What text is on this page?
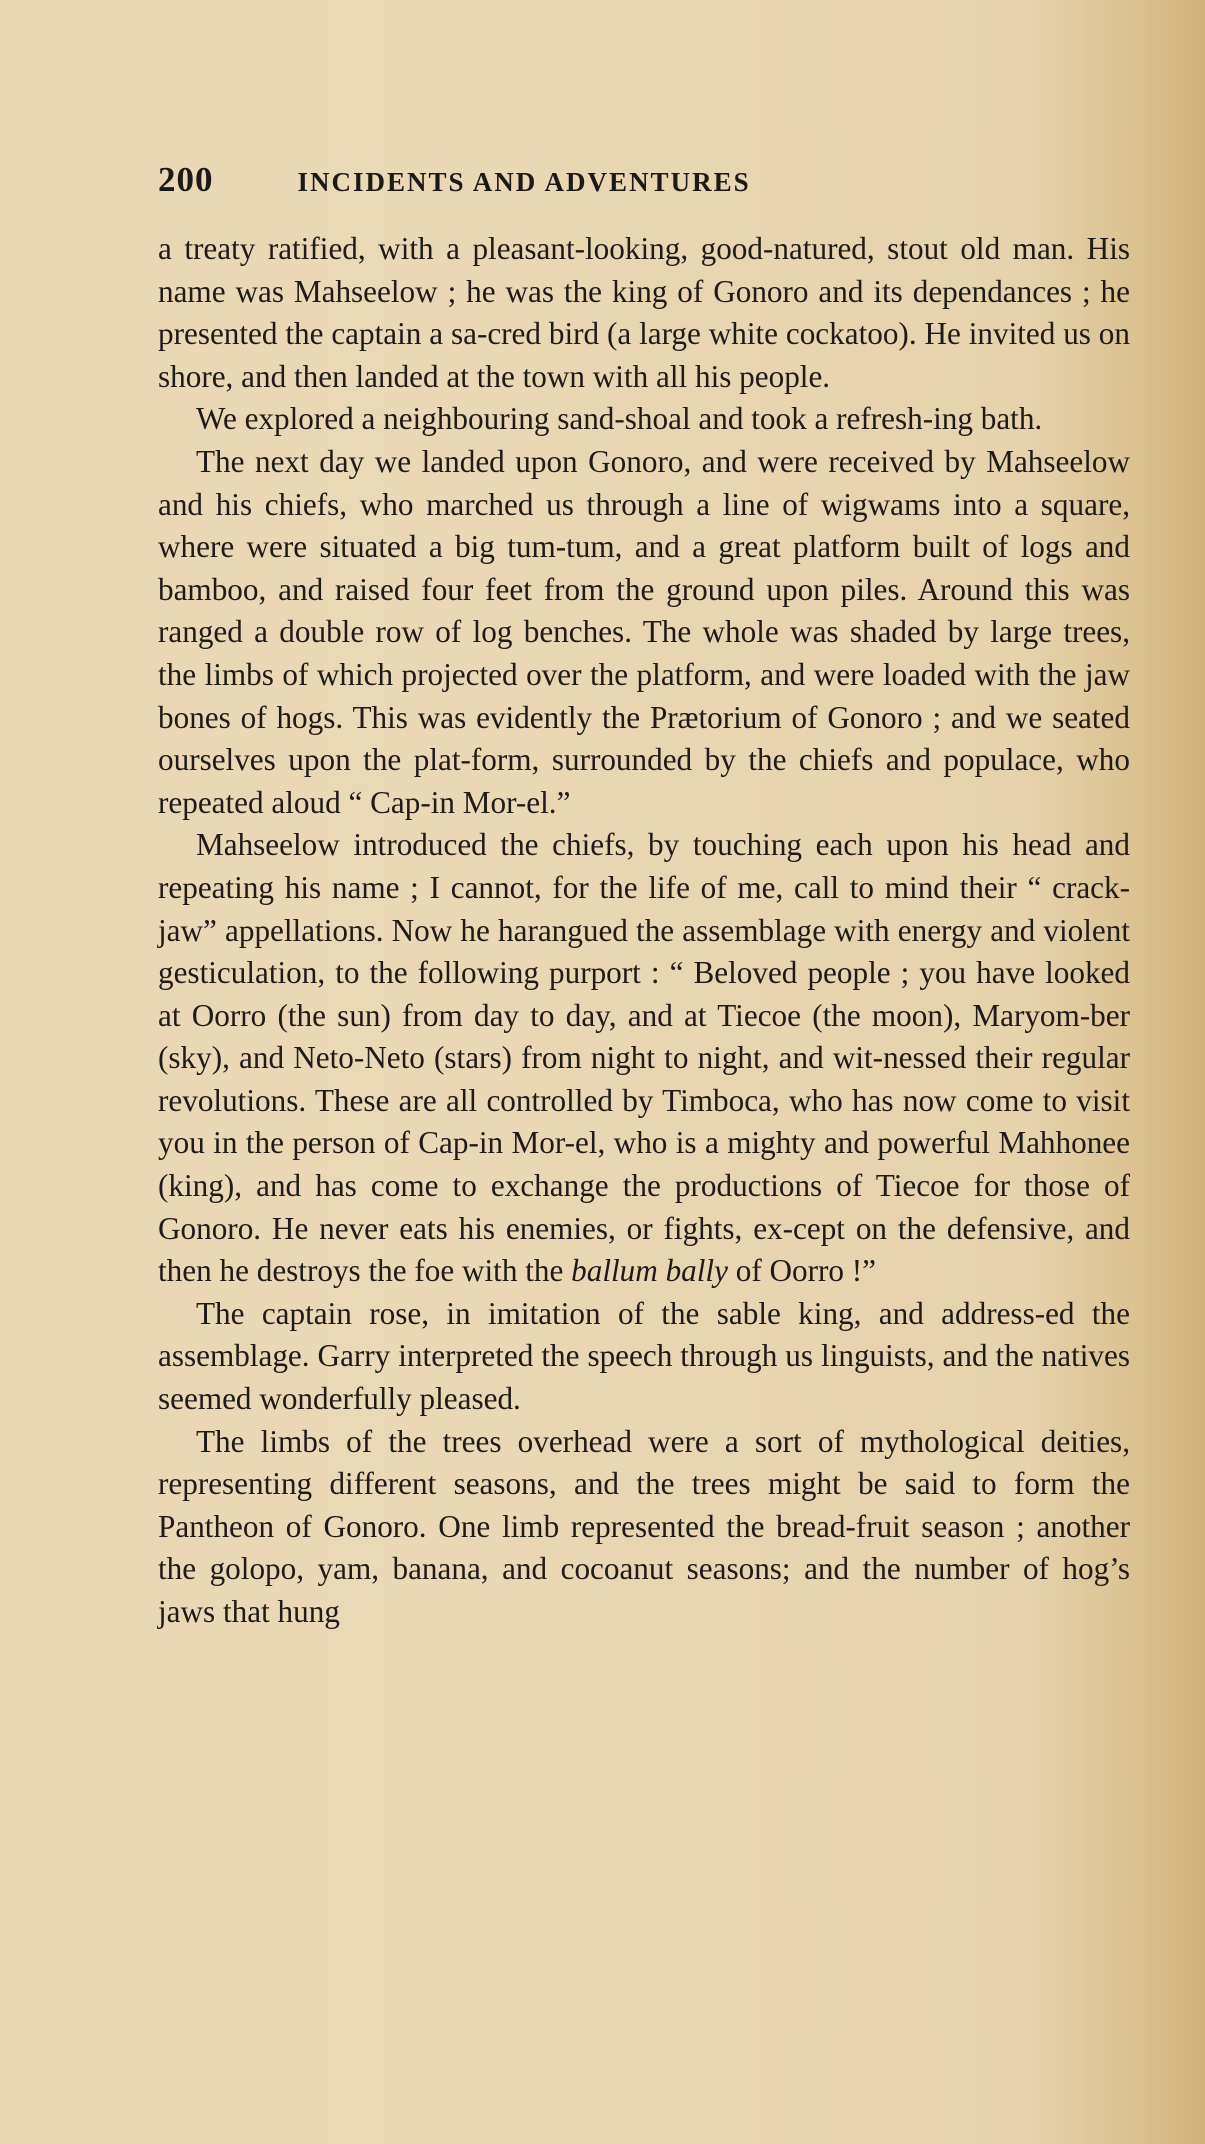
200	INCIDENTS AND ADVENTURES

a treaty ratified, with a pleasant-looking, good-natured, stout old man. His name was Mahseelow ; he was the king of Gonoro and its dependances ; he presented the captain a sa-cred bird (a large white cockatoo). He invited us on shore, and then landed at the town with all his people.

We explored a neighbouring sand-shoal and took a refresh-ing bath.

The next day we landed upon Gonoro, and were received by Mahseelow and his chiefs, who marched us through a line of wigwams into a square, where were situated a big tum-tum, and a great platform built of logs and bamboo, and raised four feet from the ground upon piles. Around this was ranged a double row of log benches. The whole was shaded by large trees, the limbs of which projected over the platform, and were loaded with the jaw bones of hogs. This was evidently the Prætorium of Gonoro ; and we seated ourselves upon the plat-form, surrounded by the chiefs and populace, who repeated aloud “ Cap-in Mor-el.”

Mahseelow introduced the chiefs, by touching each upon his head and repeating his name ; I cannot, for the life of me, call to mind their “ crack-jaw” appellations. Now he harangued the assemblage with energy and violent gesticulation, to the following purport : “ Beloved people ; you have looked at Oorro (the sun) from day to day, and at Tiecoe (the moon), Maryom-ber (sky), and Neto-Neto (stars) from night to night, and wit-nessed their regular revolutions. These are all controlled by Timboca, who has now come to visit you in the person of Cap-in Mor-el, who is a mighty and powerful Mahhonee (king), and has come to exchange the productions of Tiecoe for those of Gonoro. He never eats his enemies, or fights, ex-cept on the defensive, and then he destroys the foe with the ballum bally of Oorro !”

The captain rose, in imitation of the sable king, and address-ed the assemblage. Garry interpreted the speech through us linguists, and the natives seemed wonderfully pleased.

The limbs of the trees overhead were a sort of mythological deities, representing different seasons, and the trees might be said to form the Pantheon of Gonoro. One limb represented the bread-fruit season ; another the golopo, yam, banana, and cocoanut seasons; and the number of hog’s jaws that hung
